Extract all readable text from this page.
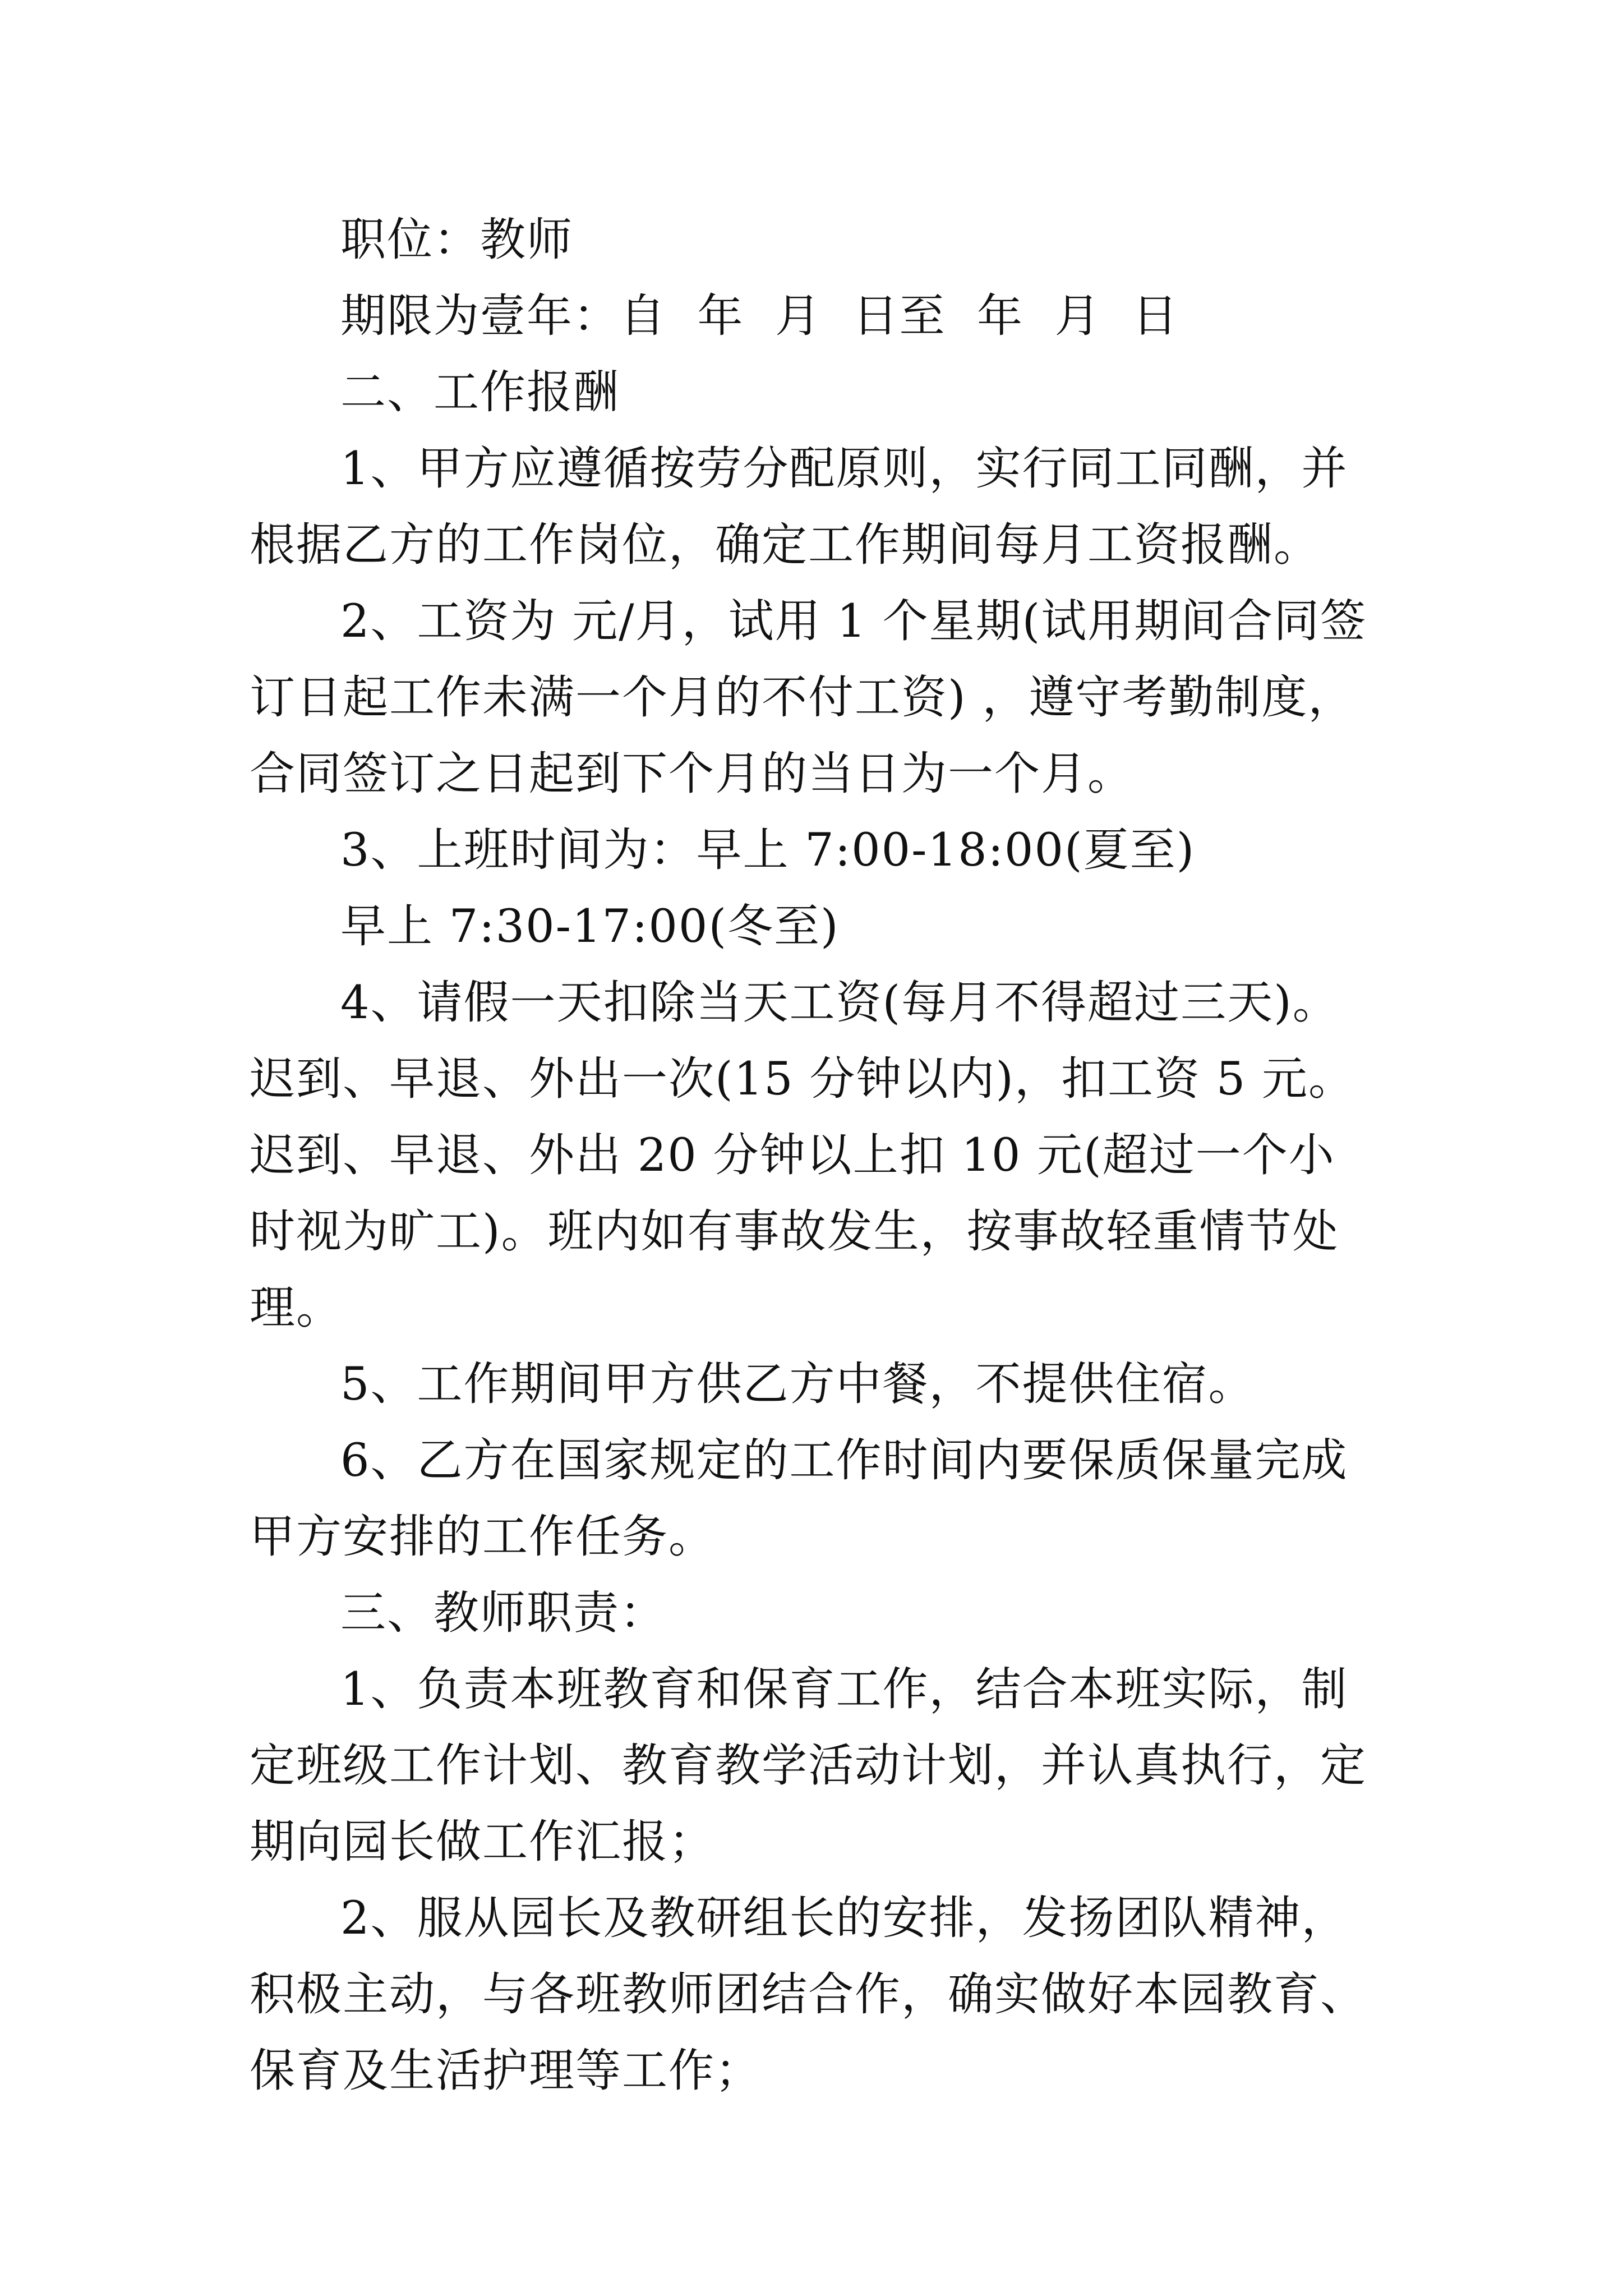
职位：教师

期限为壹年：自  年  月  日至  年  月  日

二、工作报酬

1、甲方应遵循按劳分配原则，实行同工同酬，并根据乙方的工作岗位，确定工作期间每月工资报酬。

2、工资为 元/月，试用 1 个星期(试用期间合同签订日起工作未满一个月的不付工资) ，遵守考勤制度，合同签订之日起到下个月的当日为一个月。

3、上班时间为：早上 7:00-18:00(夏至)

早上 7:30-17:00(冬至)

4、请假一天扣除当天工资(每月不得超过三天)。迟到、早退、外出一次(15 分钟以内)，扣工资 5 元。迟到、早退、外出 20 分钟以上扣 10 元(超过一个小时视为旷工)。班内如有事故发生，按事故轻重情节处理。

5、工作期间甲方供乙方中餐，不提供住宿。

6、乙方在国家规定的工作时间内要保质保量完成甲方安排的工作任务。

三、教师职责：

1、负责本班教育和保育工作，结合本班实际，制定班级工作计划、教育教学活动计划，并认真执行，定期向园长做工作汇报；

2、服从园长及教研组长的安排，发扬团队精神，积极主动，与各班教师团结合作，确实做好本园教育、保育及生活护理等工作；
